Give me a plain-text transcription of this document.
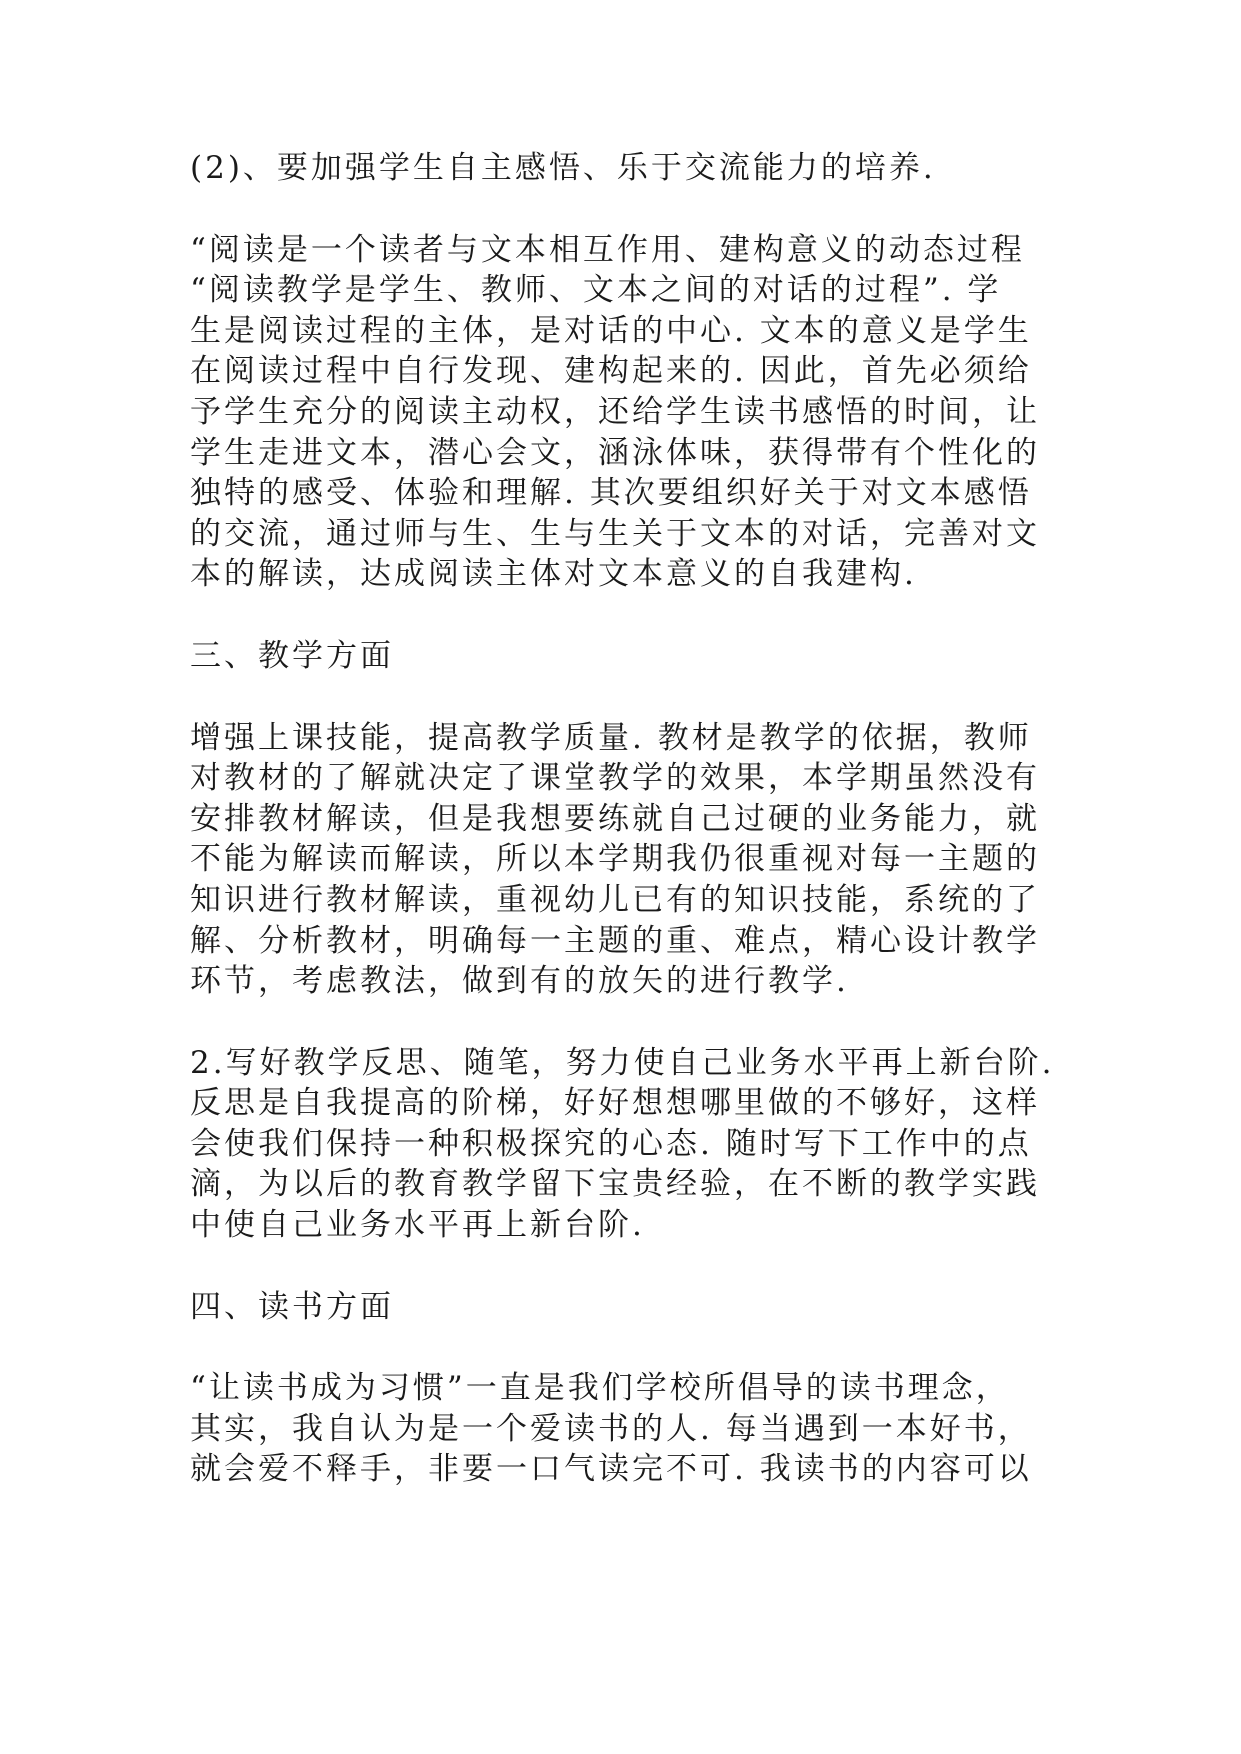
(2)、要加强学生自主感悟、乐于交流能力的培养.
“阅读是一个读者与文本相互作用、建构意义的动态过程
“阅读教学是学生、教师、文本之间的对话的过程”. 学
生是阅读过程的主体，是对话的中心. 文本的意义是学生
在阅读过程中自行发现、建构起来的. 因此，首先必须给
予学生充分的阅读主动权，还给学生读书感悟的时间，让
学生走进文本，潜心会文，涵泳体味，获得带有个性化的
独特的感受、体验和理解. 其次要组织好关于对文本感悟
的交流，通过师与生、生与生关于文本的对话，完善对文
本的解读，达成阅读主体对文本意义的自我建构.
三、教学方面
增强上课技能，提高教学质量. 教材是教学的依据，教师
对教材的了解就决定了课堂教学的效果，本学期虽然没有
安排教材解读，但是我想要练就自己过硬的业务能力，就
不能为解读而解读，所以本学期我仍很重视对每一主题的
知识进行教材解读，重视幼儿已有的知识技能，系统的了
解、分析教材，明确每一主题的重、难点，精心设计教学
环节，考虑教法，做到有的放矢的进行教学.
2.写好教学反思、随笔，努力使自己业务水平再上新台阶.
反思是自我提高的阶梯，好好想想哪里做的不够好，这样
会使我们保持一种积极探究的心态. 随时写下工作中的点
滴，为以后的教育教学留下宝贵经验，在不断的教学实践
中使自己业务水平再上新台阶.
四、读书方面
“让读书成为习惯”一直是我们学校所倡导的读书理念，
其实，我自认为是一个爱读书的人. 每当遇到一本好书，
就会爱不释手，非要一口气读完不可. 我读书的内容可以
